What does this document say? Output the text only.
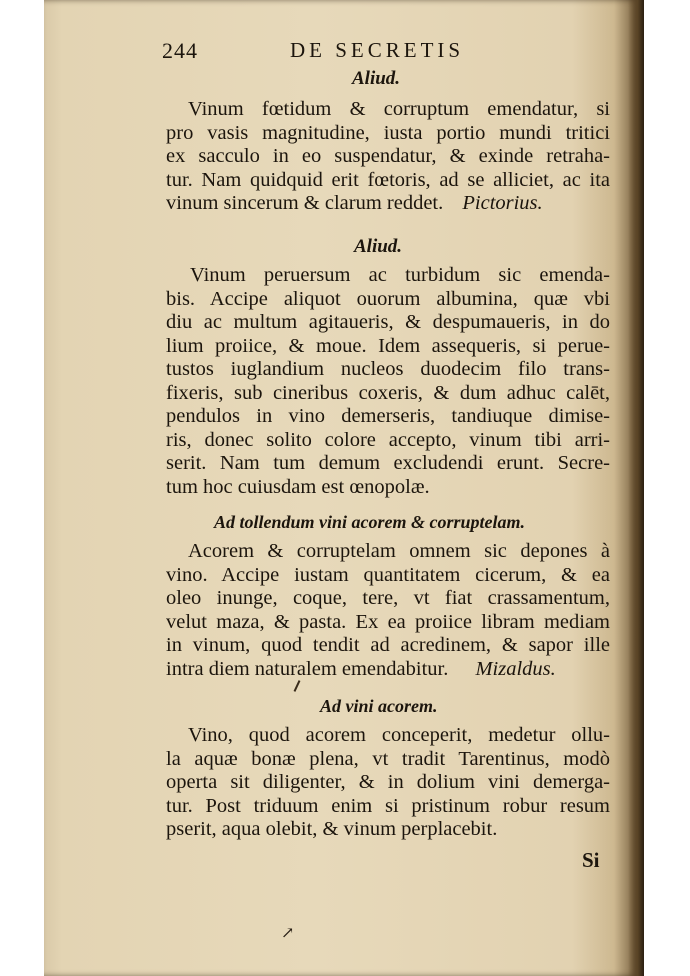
244	DE SECRETIS
Aliud.
Vinum fœtidum & corruptum emendatur, si
pro vasis magnitudine, iusta portio mundi tritici
ex sacculo in eo suspendatur, & exinde retraha-
tur. Nam quidquid erit fœtoris, ad se alliciet, ac ita
vinum sincerum & clarum reddet. Pictorius.
Aliud.
Vinum peruersum ac turbidum sic emenda-
bis. Accipe aliquot ouorum albumina, quæ vbi
diu ac multum agitaueris, & despumaueris, in do
lium proiice, & moue. Idem assequeris, si perue-
tustos iuglandium nucleos duodecim filo trans-
fixeris, sub cineribus coxeris, & dum adhuc calēt,
pendulos in vino demerseris, tandiuque dimise-
ris, donec solito colore accepto, vinum tibi arri-
serit. Nam tum demum excludendi erunt. Secre-
tum hoc cuiusdam est œnopolæ.
Ad tollendum vini acorem & corruptelam.
Acorem & corruptelam omnem sic depones à
vino. Accipe iustam quantitatem cicerum, & ea
oleo inunge, coque, tere, vt fiat crassamentum,
velut maza, & pasta. Ex ea proiice libram mediam
in vinum, quod tendit ad acredinem, & sapor ille
intra diem naturalem emendabitur. Mizaldus.
Ad vini acorem.
Vino, quod acorem conceperit, medetur ollu-
la aquæ bonæ plena, vt tradit Tarentinus, modò
operta sit diligenter, & in dolium vini demerga-
tur. Post triduum enim si pristinum robur resum
pserit, aqua olebit, & vinum perplacebit.
Si
↗
